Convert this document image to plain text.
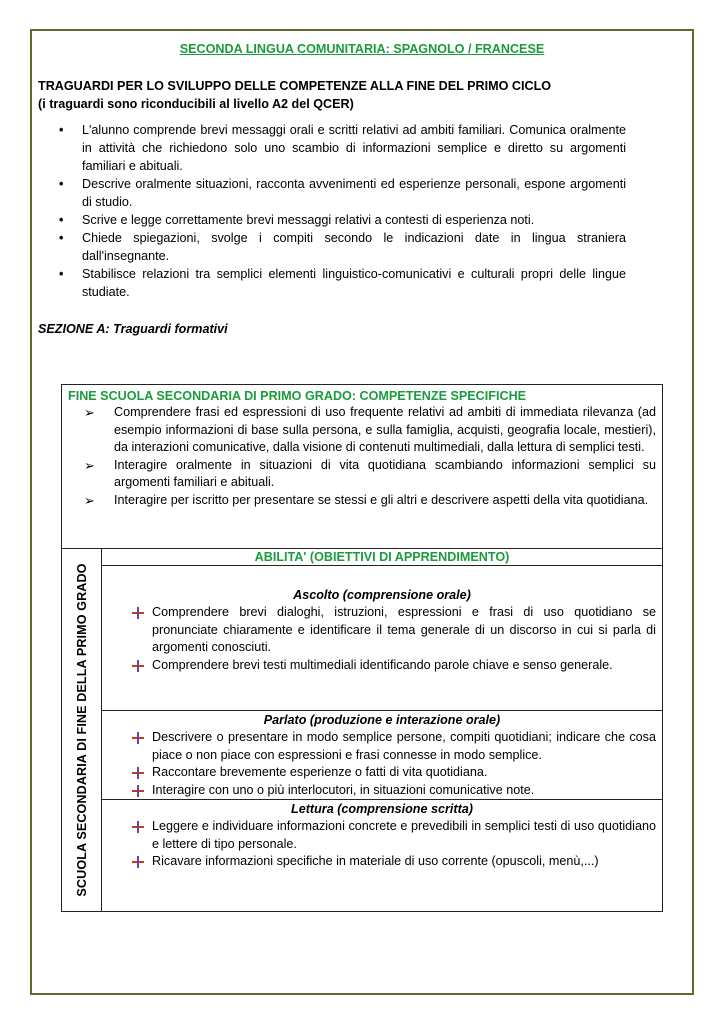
SECONDA LINGUA COMUNITARIA: SPAGNOLO / FRANCESE
TRAGUARDI PER LO SVILUPPO DELLE COMPETENZE ALLA FINE DEL PRIMO CICLO
(i traguardi sono riconducibili al livello A2 del QCER)
• L'alunno comprende brevi messaggi orali e scritti relativi ad ambiti familiari. Comunica oralmente in attività che richiedono solo uno scambio di informazioni semplice e diretto su argomenti familiari e abituali.
• Descrive oralmente situazioni, racconta avvenimenti ed esperienze personali, espone argomenti di studio.
• Scrive e legge correttamente brevi messaggi relativi a contesti di esperienza noti.
• Chiede spiegazioni, svolge i compiti secondo le indicazioni date in lingua straniera dall'insegnante.
• Stabilisce relazioni tra semplici elementi linguistico-comunicativi e culturali propri delle lingue studiate.
SEZIONE A: Traguardi formativi
FINE SCUOLA SECONDARIA DI PRIMO GRADO: COMPETENZE SPECIFICHE
➢ Comprendere frasi ed espressioni di uso frequente relativi ad ambiti di immediata rilevanza (ad esempio informazioni di base sulla persona, e sulla famiglia, acquisti, geografia locale, mestieri), da interazioni comunicative, dalla visione di contenuti multimediali, dalla lettura di semplici testi.
➢ Interagire oralmente in situazioni di vita quotidiana scambiando informazioni semplici su argomenti familiari e abituali.
➢ Interagire per iscritto per presentare se stessi e gli altri e descrivere aspetti della vita quotidiana.
SCUOLA SECONDARIA DI FINE DELLA PRIMO GRADO
ABILITA' (OBIETTIVI DI APPRENDIMENTO)
Ascolto (comprensione orale)
Comprendere brevi dialoghi, istruzioni, espressioni e frasi di uso quotidiano se pronunciate chiaramente e identificare il tema generale di un discorso in cui si parla di argomenti conosciuti.
Comprendere brevi testi multimediali identificando parole chiave e senso generale.
Parlato (produzione e interazione orale)
Descrivere o presentare in modo semplice persone, compiti quotidiani; indicare che cosa piace o non piace con espressioni e frasi connesse in modo semplice.
Raccontare brevemente esperienze o fatti di vita quotidiana.
Interagire con uno o più interlocutori, in situazioni comunicative note.
Lettura (comprensione scritta)
Leggere e individuare informazioni concrete e prevedibili in semplici testi di uso quotidiano e lettere di tipo personale.
Ricavare informazioni specifiche in materiale di uso corrente (opuscoli, menù,...)
